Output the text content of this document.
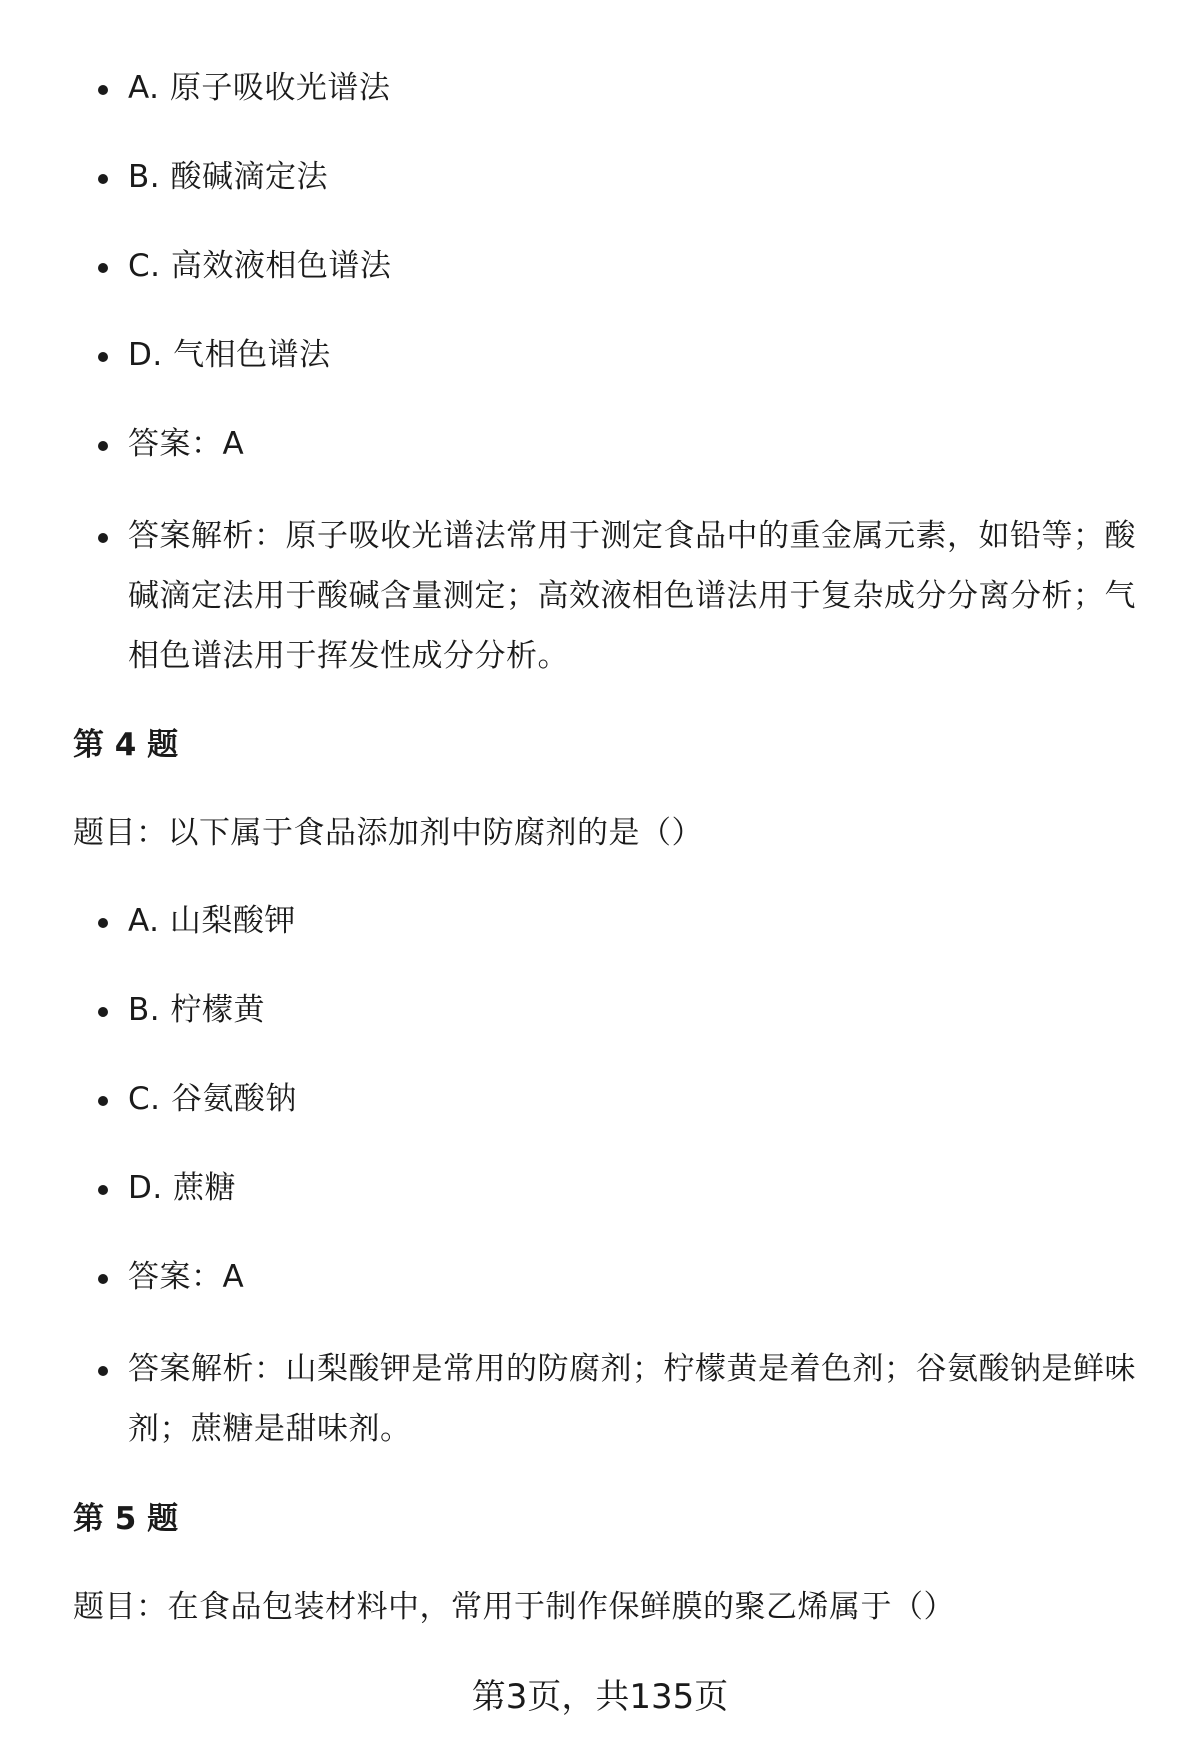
A. 原子吸收光谱法
B. 酸碱滴定法
C. 高效液相色谱法
D. 气相色谱法
答案：A
答案解析：原子吸收光谱法常用于测定食品中的重金属元素，如铅等；酸碱滴定法用于酸碱含量测定；高效液相色谱法用于复杂成分分离分析；气相色谱法用于挥发性成分分析。
第 4 题
题目：以下属于食品添加剂中防腐剂的是（）
A. 山梨酸钾
B. 柠檬黄
C. 谷氨酸钠
D. 蔗糖
答案：A
答案解析：山梨酸钾是常用的防腐剂；柠檬黄是着色剂；谷氨酸钠是鲜味剂；蔗糖是甜味剂。
第 5 题
题目：在食品包装材料中，常用于制作保鲜膜的聚乙烯属于（）
第3页，共135页
